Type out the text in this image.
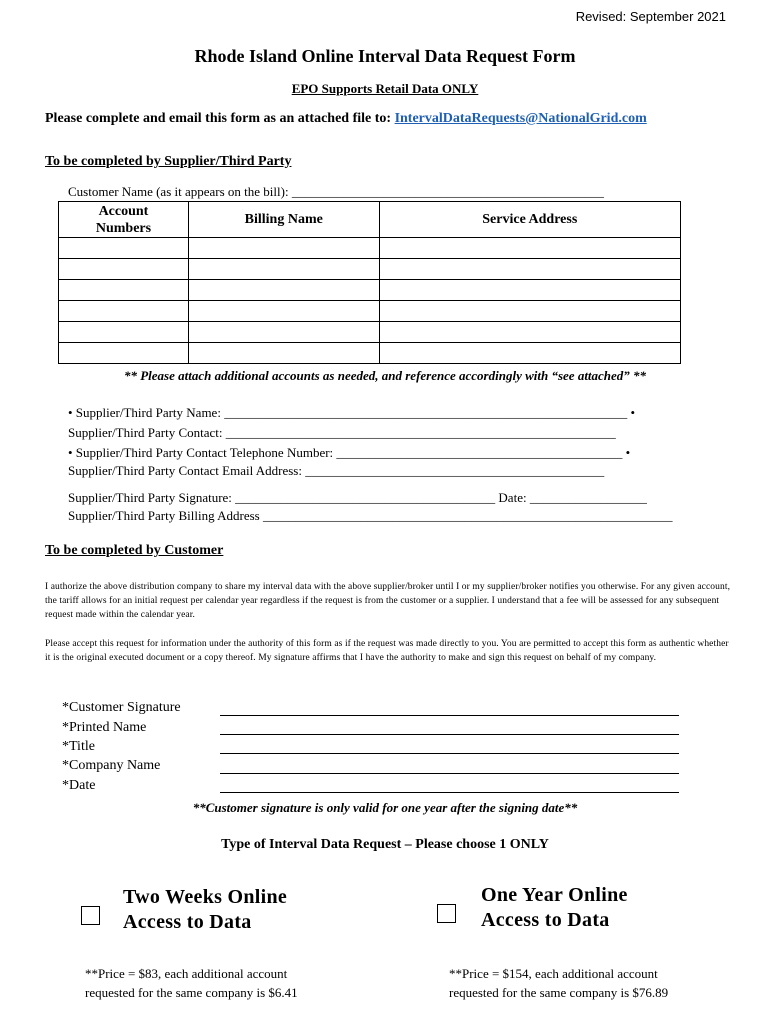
Revised: September 2021
Rhode Island Online Interval Data Request Form
EPO Supports Retail Data ONLY
Please complete and email this form as an attached file to: IntervalDataRequests@NationalGrid.com
To be completed by Supplier/Third Party
Customer Name (as it appears on the bill): ________________________________________________
Account Numbers	Billing Name	Service Address

** Please attach additional accounts as needed, and reference accordingly with “see attached” **
• Supplier/Third Party Name: ______________________________________________________________ •
Supplier/Third Party Contact: ____________________________________________________________
• Supplier/Third Party Contact Telephone Number: ____________________________________________ •
Supplier/Third Party Contact Email Address: ______________________________________________
Supplier/Third Party Signature: ________________________________________ Date: __________________
Supplier/Third Party Billing Address _______________________________________________________________
To be completed by Customer
I authorize the above distribution company to share my interval data with the above supplier/broker until I or my supplier/broker notifies you otherwise. For any given account, the tariff allows for an initial request per calendar year regardless if the request is from the customer or a supplier. I understand that a fee will be assessed for any subsequent request made within the calendar year.
Please accept this request for information under the authority of this form as if the request was made directly to you. You are permitted to accept this form as authentic whether it is the original executed document or a copy thereof. My signature affirms that I have the authority to make and sign this request on behalf of my company.
*Customer Signature
*Printed Name
*Title
*Company Name
*Date
**Customer signature is only valid for one year after the signing date**
Type of Interval Data Request – Please choose 1 ONLY
Two Weeks Online
Access to Data
**Price = $83, each additional account
requested for the same company is $6.41
One Year Online
Access to Data
**Price = $154, each additional account
requested for the same company is $76.89
